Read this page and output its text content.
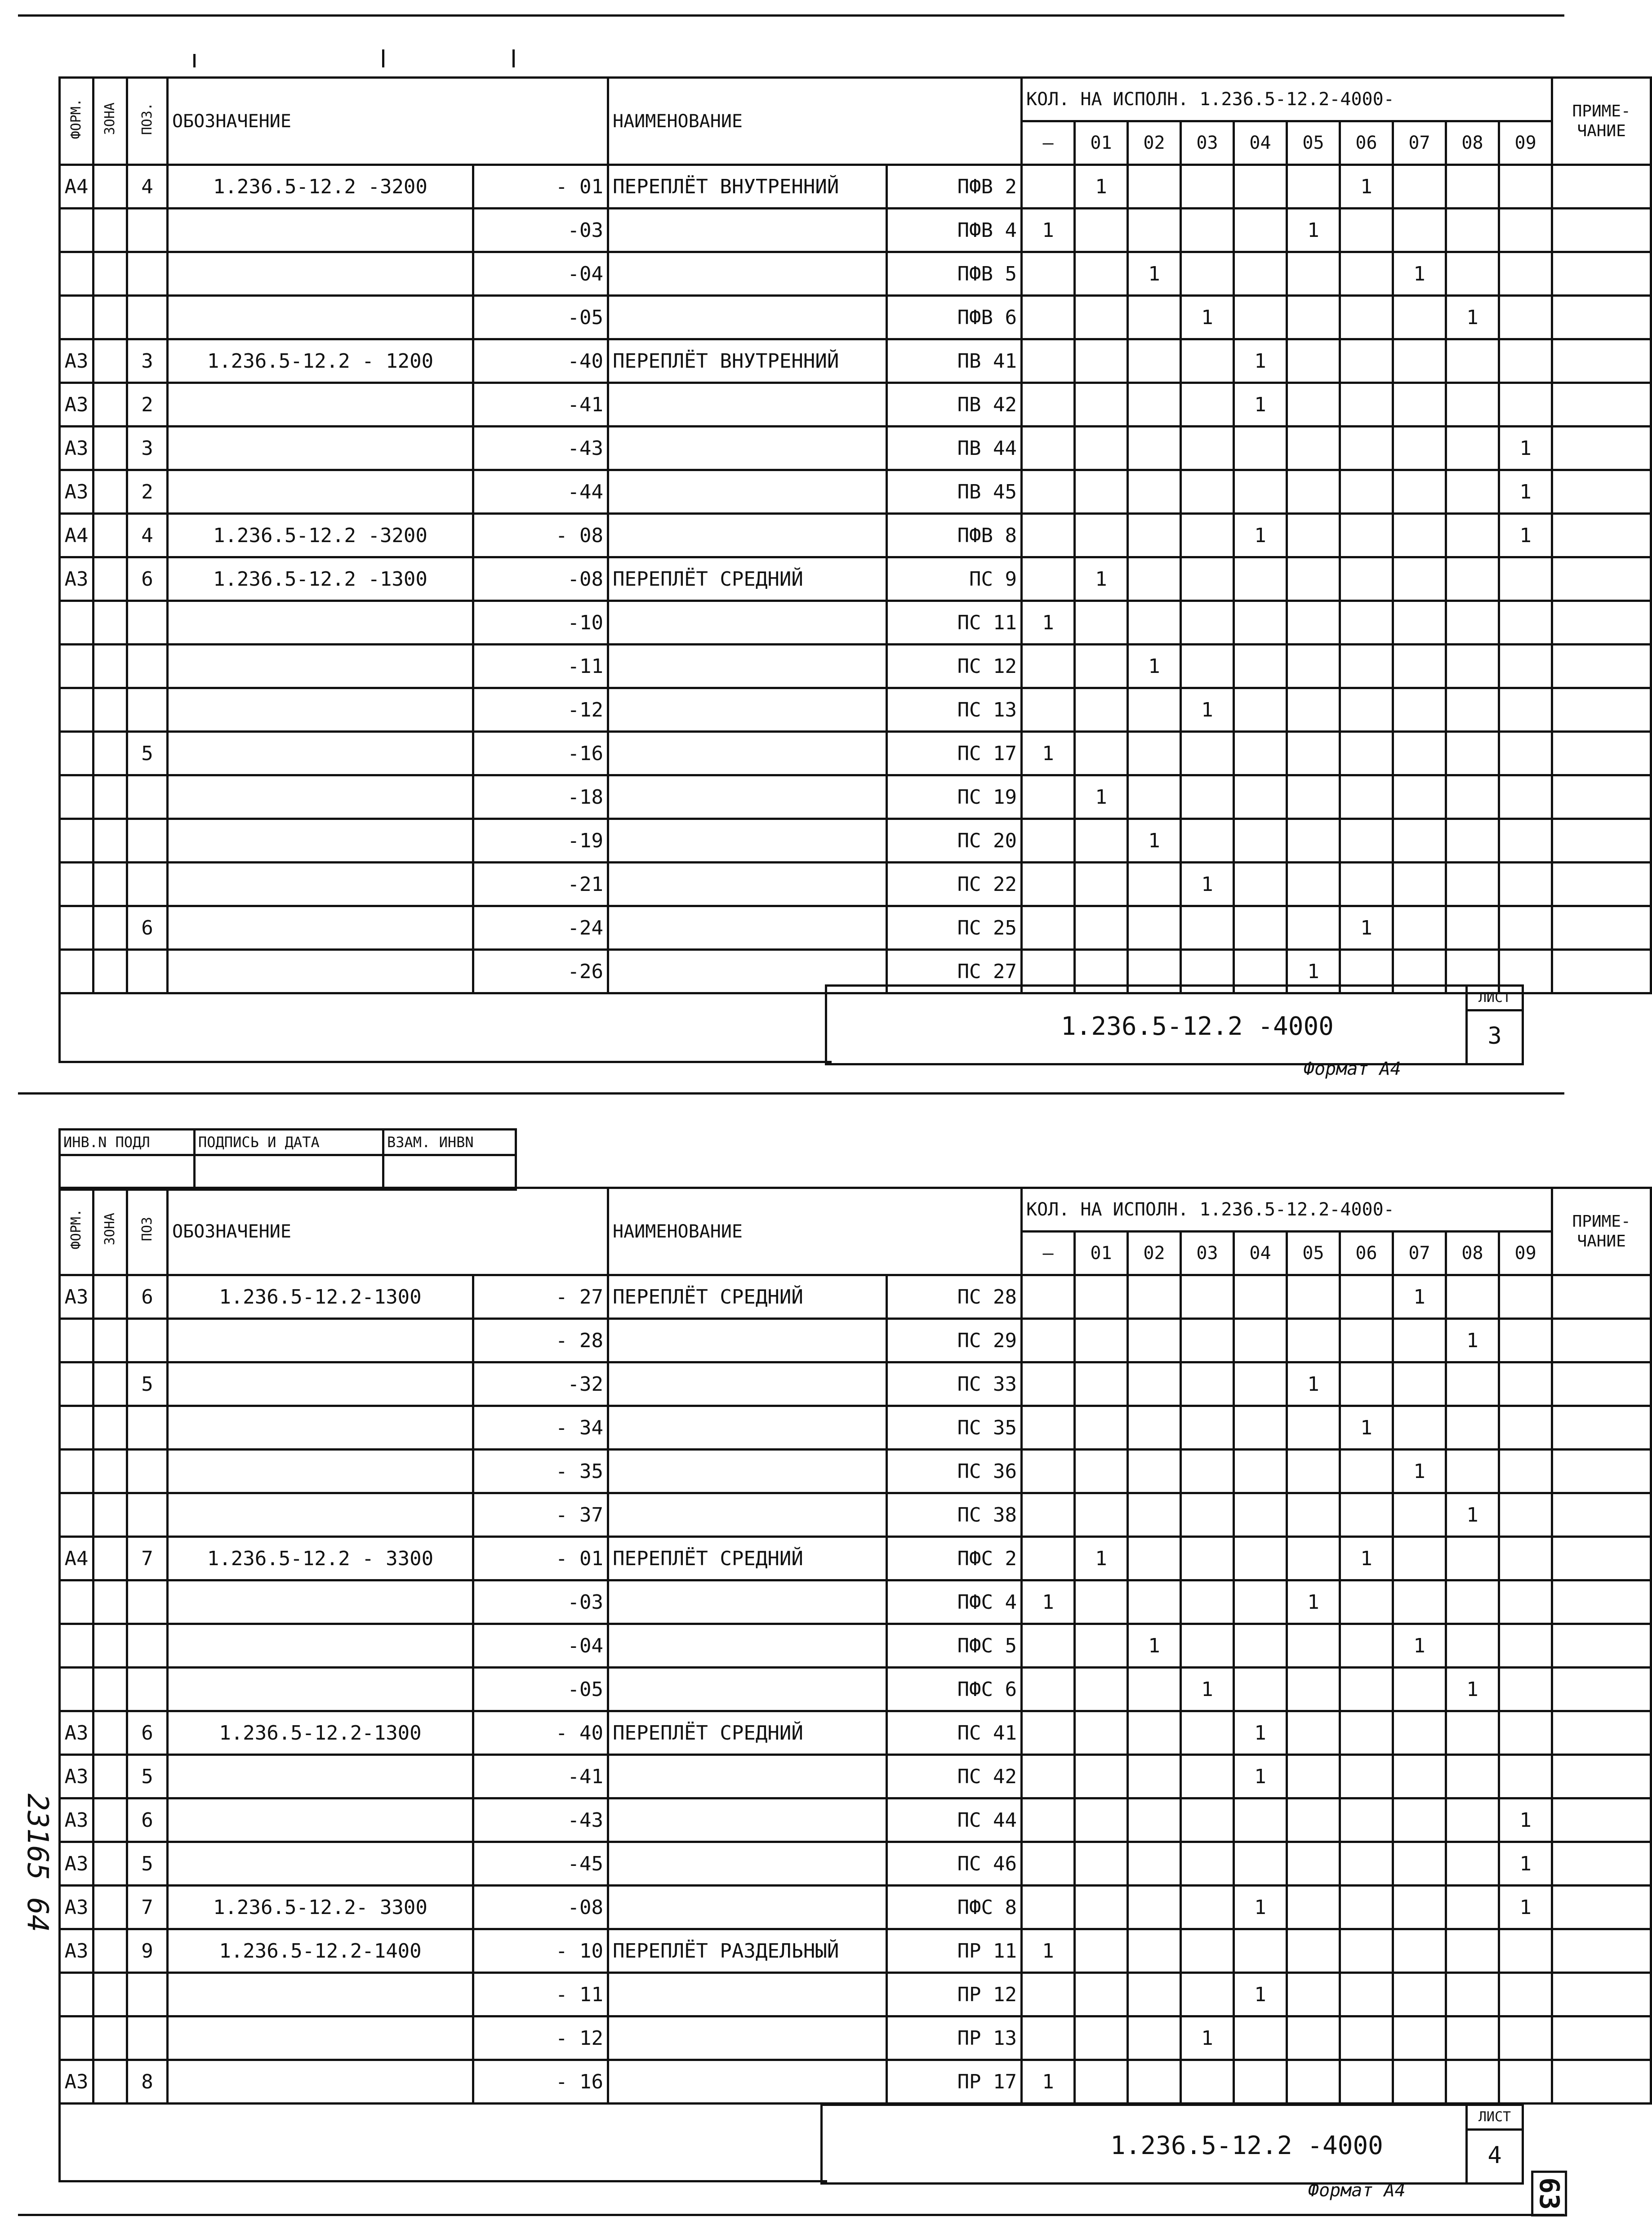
ФОРМ.	ЗОНА	ПОЗ.	ОБОЗНАЧЕНИЕ		НАИМЕНОВАНИЕ		КОЛ. НА ИСПОЛН. 1.236.5-12.2-4000-										ПРИМЕ-ЧАНИЕ
							–	01	02	03	04	05	06	07	08	09	
А4		4	1.236.5-12.2 -3200	- 01	ПЕРЕПЛЁТ ВНУТРЕННИЙ	ПФВ 2		1					1				
				-03		ПФВ 4	1					1					
				-04		ПФВ 5			1					1			
				-05		ПФВ 6				1					1		
А3		3	1.236.5-12.2 - 1200	-40	ПЕРЕПЛЁТ ВНУТРЕННИЙ	ПВ 41					1						
А3		2		-41		ПВ 42					1						
А3		3		-43		ПВ 44										1	
А3		2		-44		ПВ 45										1	
А4		4	1.236.5-12.2 -3200	- 08		ПФВ 8					1					1	
А3		6	1.236.5-12.2 -1300	-08	ПЕРЕПЛЁТ СРЕДНИЙ	ПС 9		1									
				-10		ПС 11	1										
				-11		ПС 12			1								
				-12		ПС 13				1							
		5		-16		ПС 17	1										
				-18		ПС 19		1									
				-19		ПС 20			1								
				-21		ПС 22				1							
		6		-24		ПС 25							1				
				-26		ПС 27						1					
1.236.5-12.2 -4000
ЛИСТ
3
Формат А4
ИНВ.N ПОДЛ	ПОДПИСЬ И ДАТА	ВЗАМ. ИНВN

ФОРМ.	ЗОНА	ПОЗ	ОБОЗНАЧЕНИЕ		НАИМЕНОВАНИЕ		КОЛ. НА ИСПОЛН. 1.236.5-12.2-4000-										ПРИМЕ-ЧАНИЕ
							–	01	02	03	04	05	06	07	08	09	
А3		6	1.236.5-12.2-1300	- 27	ПЕРЕПЛЁТ СРЕДНИЙ	ПС 28								1			
				- 28		ПС 29									1		
		5		-32		ПС 33						1					
				- 34		ПС 35							1				
				- 35		ПС 36								1			
				- 37		ПС 38									1		
А4		7	1.236.5-12.2 - 3300	- 01	ПЕРЕПЛЁТ СРЕДНИЙ	ПФС 2		1					1				
				-03		ПФС 4	1					1					
				-04		ПФС 5			1					1			
				-05		ПФС 6				1					1		
А3		6	1.236.5-12.2-1300	- 40	ПЕРЕПЛЁТ СРЕДНИЙ	ПС 41					1						
А3		5		-41		ПС 42					1						
А3		6		-43		ПС 44										1	
А3		5		-45		ПС 46										1	
А3		7	1.236.5-12.2- 3300	-08		ПФС 8					1					1	
А3		9	1.236.5-12.2-1400	- 10	ПЕРЕПЛЁТ РАЗДЕЛЬНЫЙ	ПР 11	1										
				- 11		ПР 12					1						
				- 12		ПР 13				1							
А3		8		- 16		ПР 17	1										
1.236.5-12.2 -4000
ЛИСТ
4
Формат А4
23165 64
63
